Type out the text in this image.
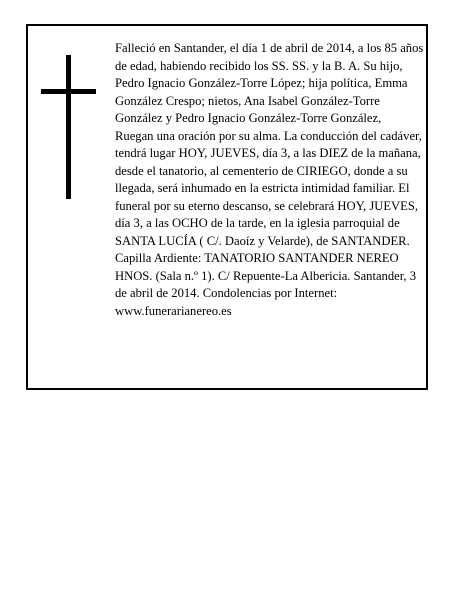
Falleció en Santander, el día 1 de abril de 2014, a los 85 años de edad, habiendo recibido los SS. SS. y la B. A. Su hijo, Pedro Ignacio González-Torre López; hija política, Emma González Crespo; nietos, Ana Isabel González-Torre González y Pedro Ignacio González-Torre González,

Ruegan una oración por su alma. La conducción del cadáver, tendrá lugar HOY, JUEVES, día 3, a las DIEZ de la mañana, desde el tanatorio, al cementerio de CIRIEGO, donde a su llegada, será inhumado en la estricta intimidad familiar. El funeral por su eterno descanso, se celebrará HOY, JUEVES, día 3, a las OCHO de la tarde, en la iglesia parroquial de SANTA LUCÍA ( C/. Daoíz y Velarde), de SANTANDER. Capilla Ardiente: TANATORIO SANTANDER NEREO HNOS. (Sala n.º 1). C/ Repuente-La Albericia. Santander, 3 de abril de 2014. Condolencias por Internet: www.funerarianereo.es
